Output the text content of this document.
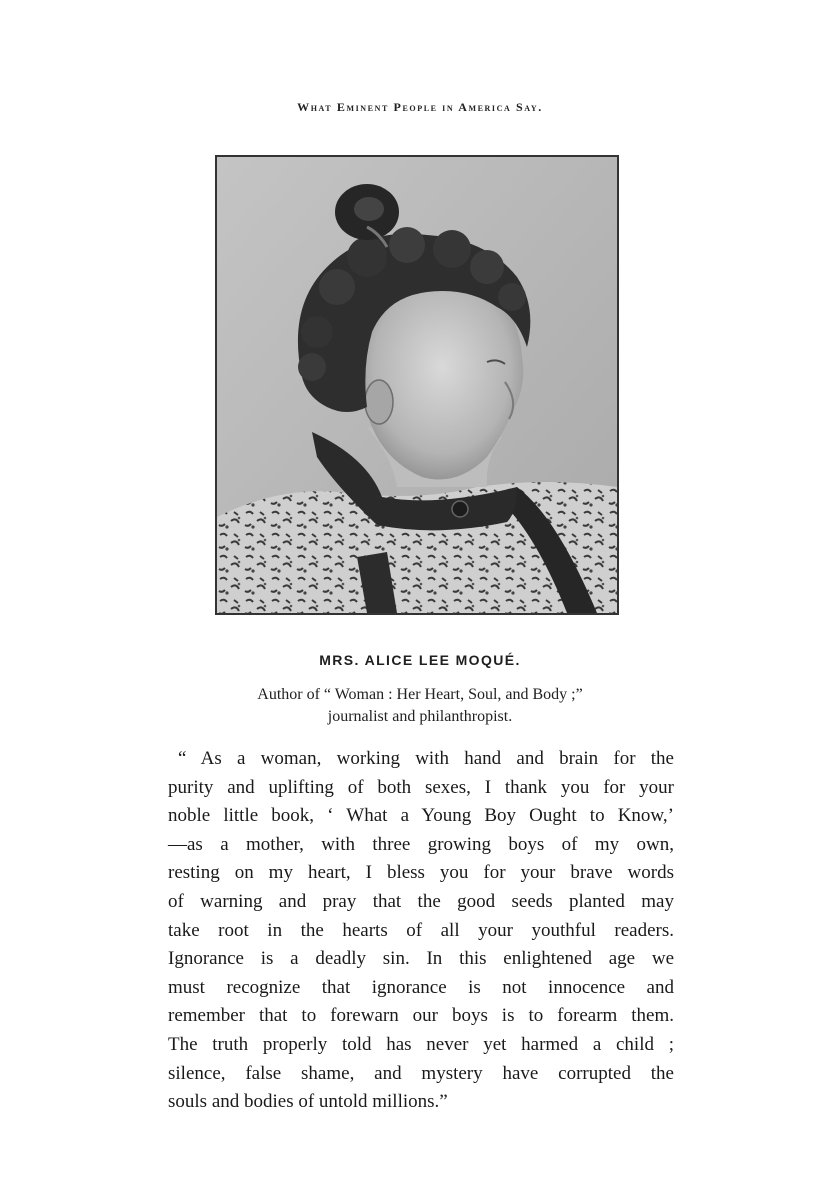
What Eminent People in America Say.
MRS. ALICE LEE MOQUÉ.
Author of “ Woman : Her Heart, Soul, and Body ;”
journalist and philanthropist.
“ As a woman, working with hand and brain for the
purity and uplifting of both sexes, I thank you for your
noble little book, ‘ What a Young Boy Ought to Know,’
—as a mother, with three growing boys of my own,
resting on my heart, I bless you for your brave words
of warning and pray that the good seeds planted may
take root in the hearts of all your youthful readers.
Ignorance is a deadly sin. In this enlightened age we
must recognize that ignorance is not innocence and
remember that to forewarn our boys is to forearm them.
The truth properly told has never yet harmed a child ;
silence, false shame, and mystery have corrupted the
souls and bodies of untold millions.”
